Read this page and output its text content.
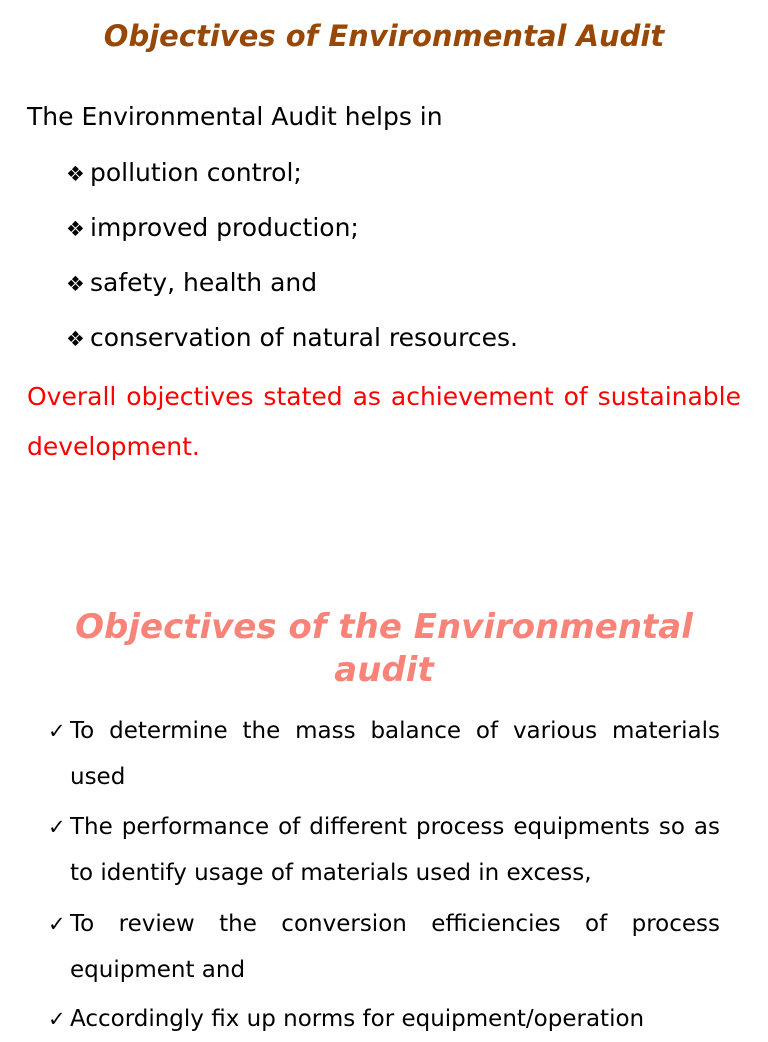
Objectives of Environmental Audit
The Environmental Audit helps in
❖ pollution control;
❖ improved production;
❖ safety, health and
❖ conservation of natural resources.
Overall objectives stated as achievement of sustainable development.
Objectives of the Environmental audit
✓ To determine the mass balance of various materials used
✓ The performance of different process equipments so as to identify usage of materials used in excess,
✓ To review the conversion efficiencies of process equipment and
✓ Accordingly fix up norms for equipment/operation
